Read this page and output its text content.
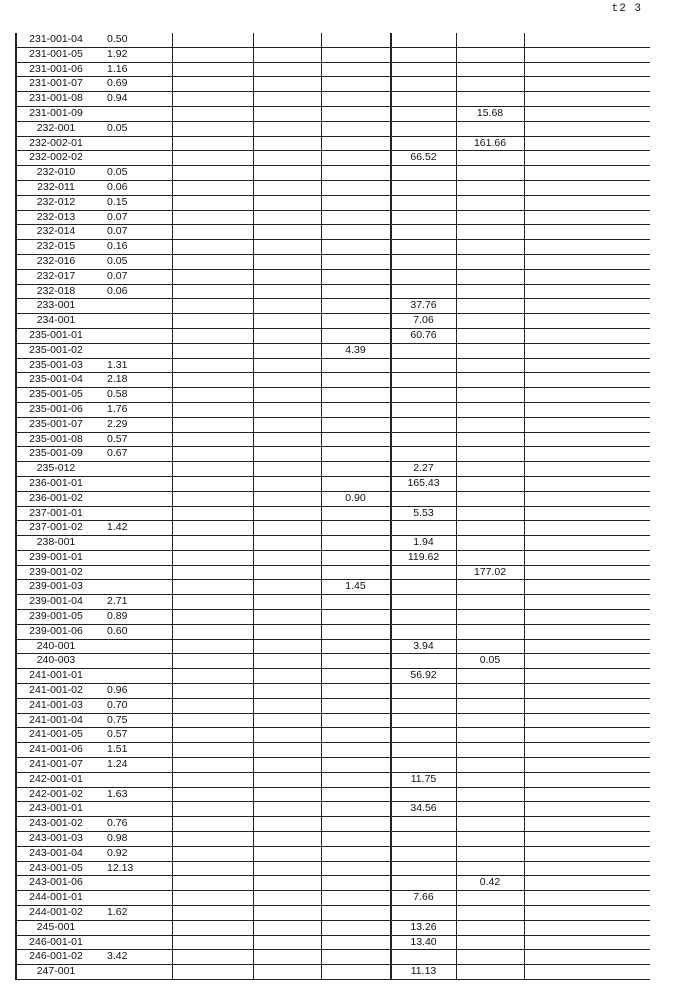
t2 3
231-001-04	0.50						
231-001-05	1.92						
231-001-06	1.16						
231-001-07	0.69						
231-001-08	0.94						
231-001-09						15.68	
232-001	0.05						
232-002-01						161.66	
232-002-02					66.52		
232-010	0.05						
232-011	0.06						
232-012	0.15						
232-013	0.07						
232-014	0.07						
232-015	0.16						
232-016	0.05						
232-017	0.07						
232-018	0.06						
233-001					37.76		
234-001					7.06		
235-001-01					60.76		
235-001-02				4.39			
235-001-03	1.31						
235-001-04	2.18						
235-001-05	0.58						
235-001-06	1.76						
235-001-07	2.29						
235-001-08	0.57						
235-001-09	0.67						
235-012					2.27		
236-001-01					165.43		
236-001-02				0.90			
237-001-01					5.53		
237-001-02	1.42						
238-001					1.94		
239-001-01					119.62		
239-001-02						177.02	
239-001-03				1.45			
239-001-04	2.71						
239-001-05	0.89						
239-001-06	0.60						
240-001					3.94		
240-003						0.05	
241-001-01					56.92		
241-001-02	0.96						
241-001-03	0.70						
241-001-04	0.75						
241-001-05	0.57						
241-001-06	1.51						
241-001-07	1.24						
242-001-01					11.75		
242-001-02	1.63						
243-001-01					34.56		
243-001-02	0.76						
243-001-03	0.98						
243-001-04	0.92						
243-001-05	12.13						
243-001-06						0.42	
244-001-01					7.66		
244-001-02	1.62						
245-001					13.26		
246-001-01					13.40		
246-001-02	3.42						
247-001					11.13		
